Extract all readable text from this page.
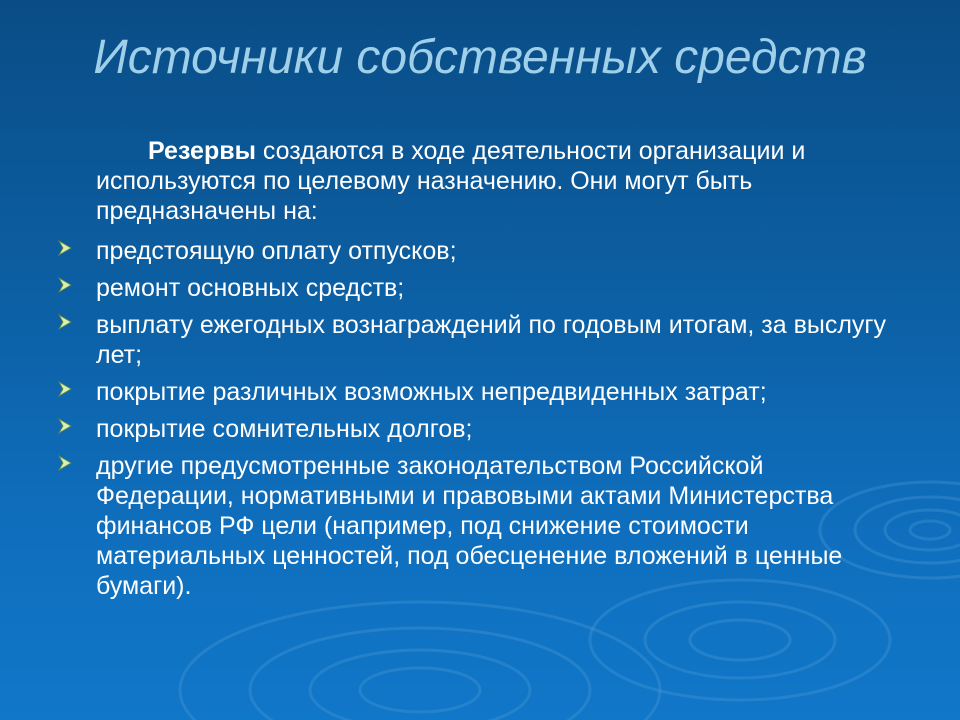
Источники собственных средств

Резервы создаются в ходе деятельности организации и используются по целевому назначению. Они могут быть предназначены на:

предстоящую оплату отпусков;
ремонт основных средств;
выплату ежегодных вознаграждений по годовым итогам, за выслугу лет;
покрытие различных возможных непредвиденных затрат;
покрытие сомнительных долгов;
другие предусмотренные законодательством Российской Федерации, нормативными и правовыми актами Министерства финансов РФ цели (например, под снижение стоимости материальных ценностей, под обесценение вложений в ценные бумаги).
